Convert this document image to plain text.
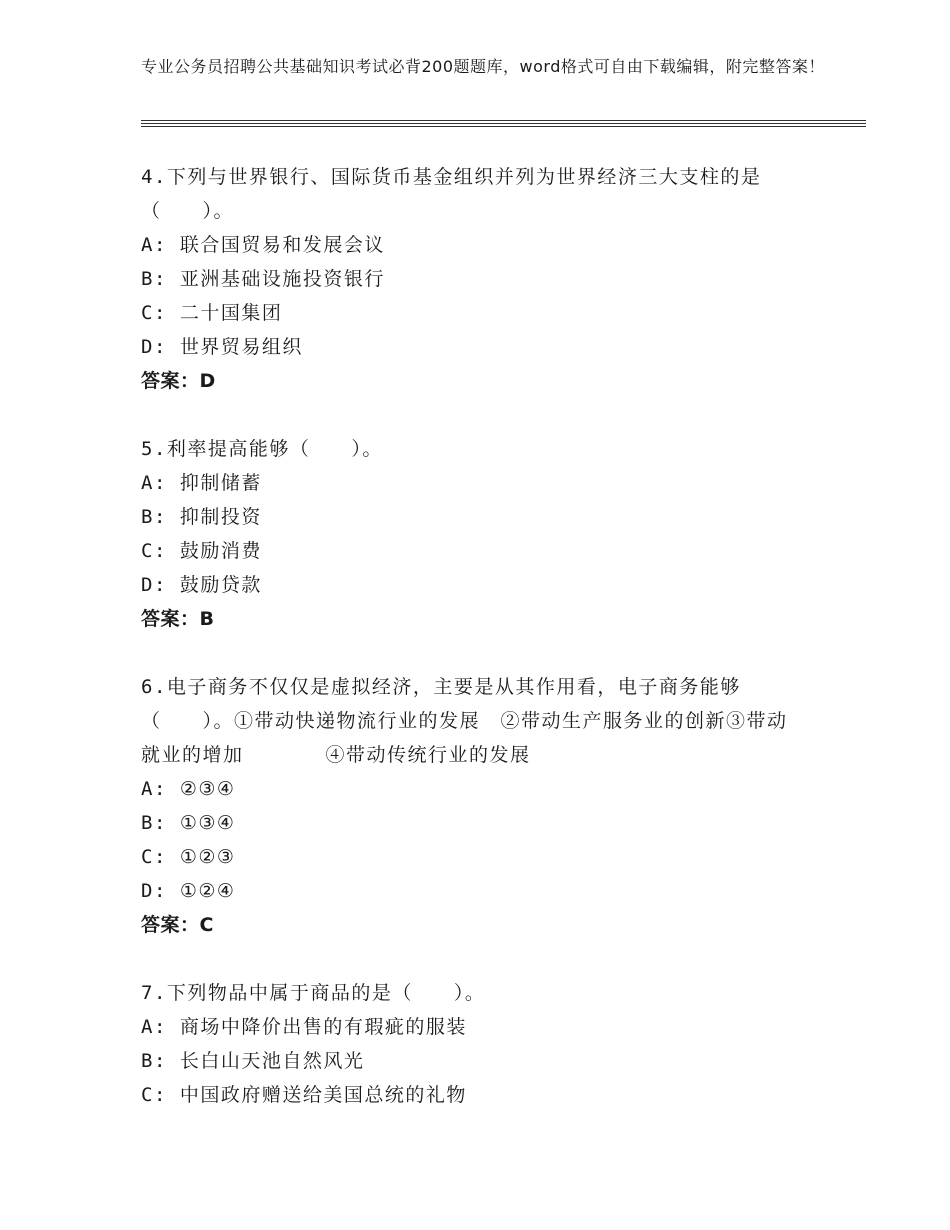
专业公务员招聘公共基础知识考试必背200题题库，word格式可自由下载编辑，附完整答案！

4.下列与世界银行、国际货币基金组织并列为世界经济三大支柱的是（　　）。

A: 联合国贸易和发展会议

B: 亚洲基础设施投资银行

C: 二十国集团

D: 世界贸易组织

答案：D

5.利率提高能够（　　）。

A: 抑制储蓄

B: 抑制投资

C: 鼓励消费

D: 鼓励贷款

答案：B

6.电子商务不仅仅是虚拟经济，主要是从其作用看，电子商务能够（　　）。①带动快递物流行业的发展　②带动生产服务业的创新③带动就业的增加　　　　④带动传统行业的发展

A: ②③④

B: ①③④

C: ①②③

D: ①②④

答案：C

7.下列物品中属于商品的是（　　）。

A: 商场中降价出售的有瑕疵的服装

B: 长白山天池自然风光

C: 中国政府赠送给美国总统的礼物
